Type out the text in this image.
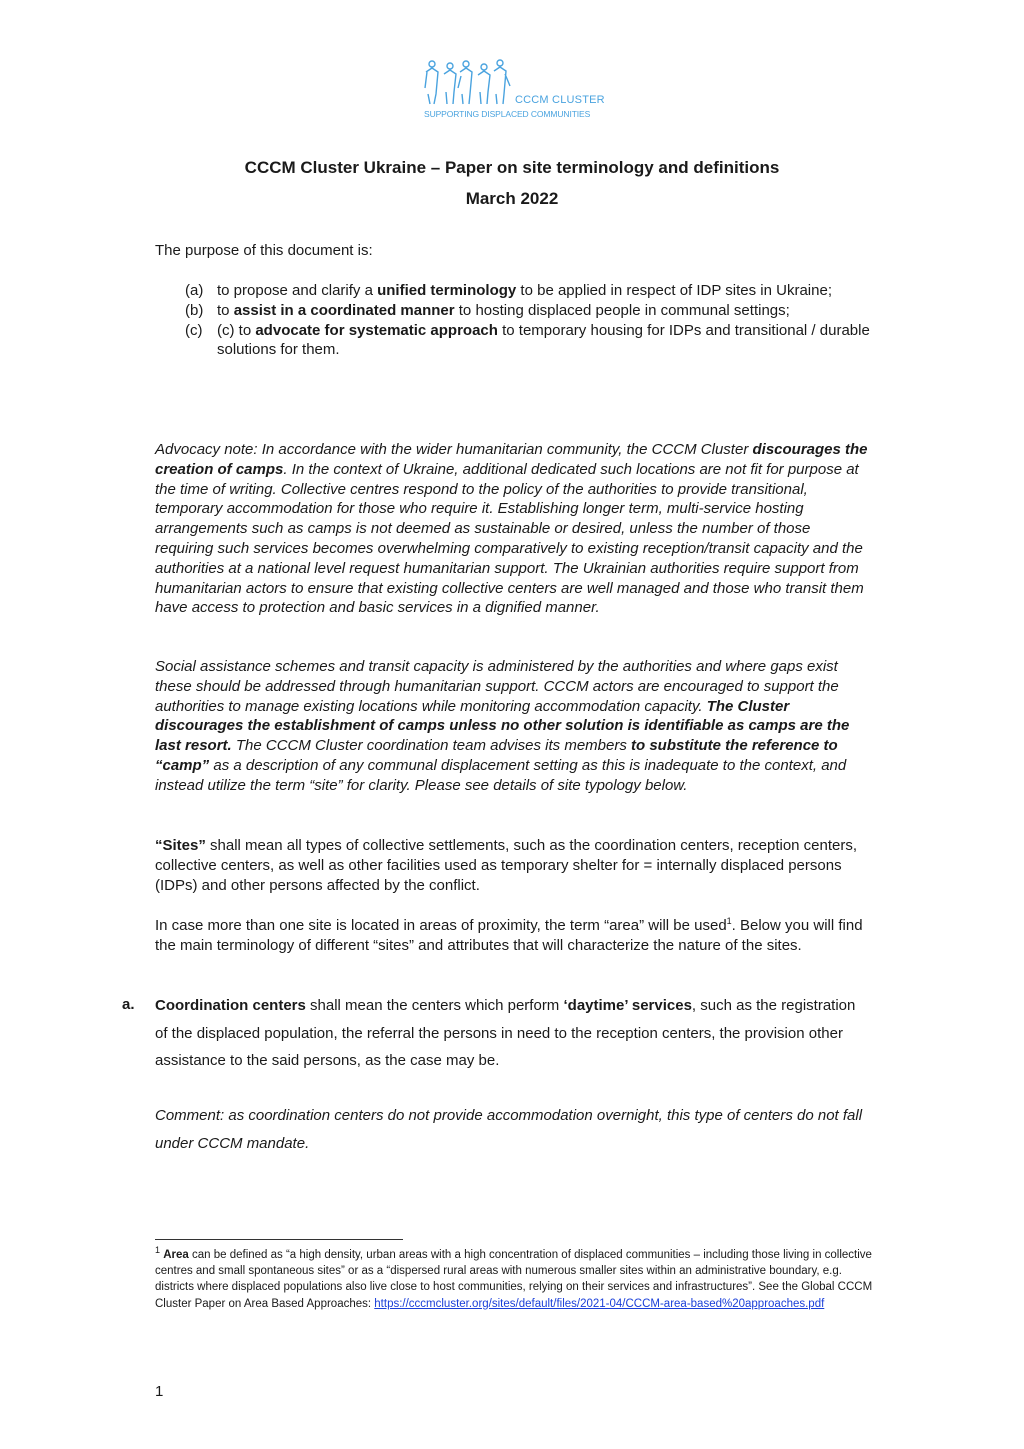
CCCM CLUSTER
SUPPORTING DISPLACED COMMUNITIES
CCCM Cluster Ukraine – Paper on site terminology and definitions
March 2022

The purpose of this document is:

(a) to propose and clarify a unified terminology to be applied in respect of IDP sites in Ukraine;
(b) to assist in a coordinated manner to hosting displaced people in communal settings;
(c) (c) to advocate for systematic approach to temporary housing for IDPs and transitional / durable solutions for them.

Advocacy note: In accordance with the wider humanitarian community, the CCCM Cluster discourages the creation of camps. In the context of Ukraine, additional dedicated such locations are not fit for purpose at the time of writing. Collective centres respond to the policy of the authorities to provide transitional, temporary accommodation for those who require it. Establishing longer term, multi-service hosting arrangements such as camps is not deemed as sustainable or desired, unless the number of those requiring such services becomes overwhelming comparatively to existing reception/transit capacity and the authorities at a national level request humanitarian support. The Ukrainian authorities require support from humanitarian actors to ensure that existing collective centers are well managed and those who transit them have access to protection and basic services in a dignified manner.

Social assistance schemes and transit capacity is administered by the authorities and where gaps exist these should be addressed through humanitarian support. CCCM actors are encouraged to support the authorities to manage existing locations while monitoring accommodation capacity. The Cluster discourages the establishment of camps unless no other solution is identifiable as camps are the last resort. The CCCM Cluster coordination team advises its members to substitute the reference to “camp” as a description of any communal displacement setting as this is inadequate to the context, and instead utilize the term “site” for clarity. Please see details of site typology below.

“Sites” shall mean all types of collective settlements, such as the coordination centers, reception centers, collective centers, as well as other facilities used as temporary shelter for = internally displaced persons (IDPs) and other persons affected by the conflict.

In case more than one site is located in areas of proximity, the term “area” will be used$^1$. Below you will find the main terminology of different “sites” and attributes that will characterize the nature of the sites.

a. Coordination centers shall mean the centers which perform ‘daytime’ services, such as the registration of the displaced population, the referral the persons in need to the reception centers, the provision other assistance to the said persons, as the case may be.

Comment: as coordination centers do not provide accommodation overnight, this type of centers do not fall under CCCM mandate.

$^1$ Area can be defined as “a high density, urban areas with a high concentration of displaced communities – including those living in collective centres and small spontaneous sites” or as a “dispersed rural areas with numerous smaller sites within an administrative boundary, e.g. districts where displaced populations also live close to host communities, relying on their services and infrastructures”. See the Global CCCM Cluster Paper on Area Based Approaches: https://cccmcluster.org/sites/default/files/2021-04/CCCM-area-based%20approaches.pdf
1
